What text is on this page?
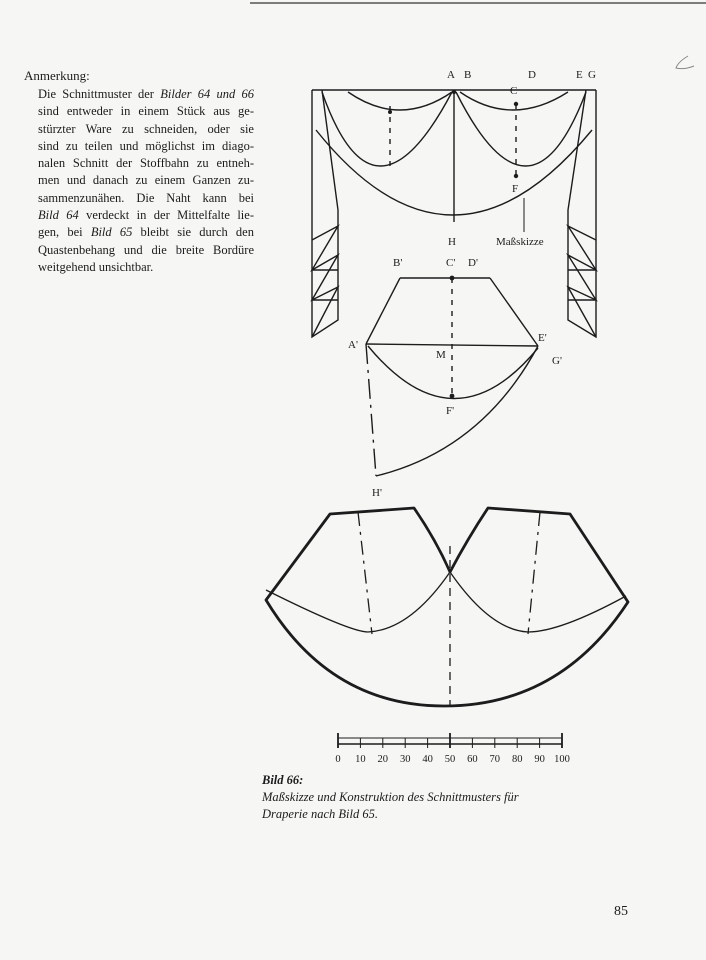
A B	D	E G
C
F
H	Maßskizze
B'	C' D'
A'
E'
M	G'
F'
H'
0 10 20 30 40 50 60 70 80 90 100
Anmerkung:
Die Schnittmuster der Bilder 64 und 66
sind entweder in einem Stück aus ge-
stürzter Ware zu schneiden, oder sie
sind zu teilen und möglichst im diago-
nalen Schnitt der Stoffbahn zu entneh-
men und danach zu einem Ganzen zu-
sammenzunähen. Die Naht kann bei
Bild 64 verdeckt in der Mittelfalte lie-
gen, bei Bild 65 bleibt sie durch den
Quastenbehang und die breite Bordüre
weitgehend unsichtbar.
Bild 66:
Maßskizze und Konstruktion des Schnittmusters für
Draperie nach Bild 65.
85
